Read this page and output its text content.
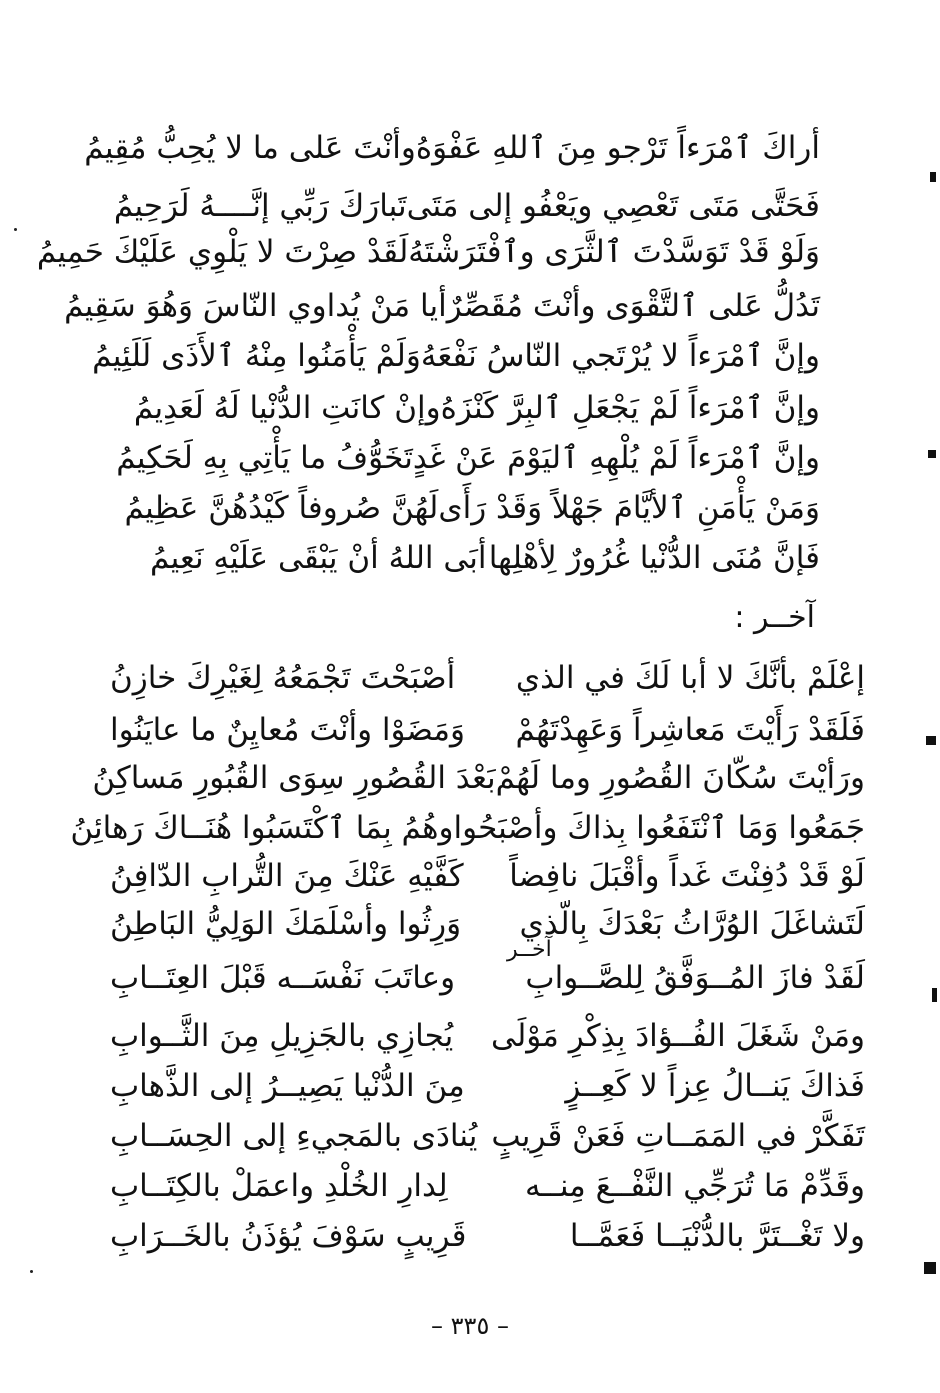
أراكَ ٱمْرَءاً تَرْجو مِنَ ٱللهِ عَفْوَهُ
وأنْتَ عَلى ما لا يُحِبُّ مُقِيمُ
فَحَتَّى مَتَى تَعْصِي ويَعْفُو إلى مَتَى
تَبارَكَ رَبِّي إنَّــــهُ لَرَحِيمُ
وَلَوْ قَدْ تَوَسَّدْتَ ٱلثَّرَى وٱفْتَرَشْتَهُ
لَقَدْ صِرْتَ لا يَلْوِي عَلَيْكَ حَمِيمُ
تَدُلُّ عَلى ٱلتَّقْوَى وأنْتَ مُقَصِّرٌ
أيا مَنْ يُداوي النّاسَ وَهُوَ سَقِيمُ
وإنَّ ٱمْرَءاً لا يُرْتَجي النّاسُ نَفْعَهُ
وَلَمْ يَأْمَنُوا مِنْهُ ٱلأَذَى لَلَئِيمُ
وإنَّ ٱمْرَءاً لَمْ يَجْعَلِ ٱلبِرَّ كَنْزَهُ
وإنْ كانَتِ الدُّنْيا لَهُ لَعَدِيمُ
وإنَّ ٱمْرَءاً لَمْ يُلْهِهِ ٱليَوْمَ عَنْ غَدٍ
تَخَوُّفُ ما يَأْتِي بِهِ لَحَكِيمُ
وَمَنْ يَأْمَنِ ٱلأيَّامَ جَهْلاً وَقَدْ رَأَى
لَهُنَّ صُروفاً كَيْدُهُنَّ عَظِيمُ
فَإنَّ مُنَى الدُّنْيا غُرُورٌ لِأهْلِها
أبَى اللهُ أنْ يَبْقَى عَلَيْهِ نَعِيمُ
آخــر :
إعْلَمْ بأنَّكَ لا أبا لَكَ في الذي
أصْبَحْتَ تَجْمَعُهُ لِغَيْرِكَ خازِنُ
فَلَقَدْ رَأَيْتَ مَعاشِراً وَعَهِدْتَهُمْ
وَمَضَوْا وأنْتَ مُعايِنٌ ما عايَنُوا
ورَأيْتَ سُكّانَ القُصُورِ وما لَهُمْ
بَعْدَ القُصُورِ سِوَى القُبُورِ مَساكِنُ
جَمَعُوا وَمَا ٱنْتَفَعُوا بِذاكَ وأصْبَحُوا
وهُمُ بِمَا ٱكْتَسَبُوا هُنَــاكَ رَهائِنُ
لَوْ قَدْ دُفِنْتَ غَداً وأقْبَلَ نافِضاً
كَفَّيْهِ عَنْكَ مِنَ التُّرابِ الدّافِنُ
لَتَشاغَلَ الوُرَّاثُ بَعْدَكَ بِالّذي
وَرِثُوا وأسْلَمَكَ الوَلِيُّ البَاطِنُ
آخــر
لَقَدْ فازَ المُــوَفَّقُ لِلصَّــوابِ
وعاتَبَ نَفْسَــه قَبْلَ العِتَــابِ
ومَنْ شَغَلَ الفُــؤادَ بِذِكْرِ مَوْلَى
يُجازِي بالجَزِيلِ مِنَ الثَّــوابِ
فَذاكَ يَنــالُ عِزاً لا كَعِــزٍ
مِنَ الدُّنْيا يَصِيــرُ إلى الذَّهابِ
تَفَكَّرْ في المَمَــاتِ فَعَنْ قَرِيبٍ
يُنادَى بالمَجيءِ إلى الحِسَــابِ
وقَدِّمْ مَا تُرَجِّي النَّفْــعَ مِنــه
لِدارِ الخُلْدِ واعمَلْ بالكِتَــابِ
ولا تَغْــتَرَّ بالدُّنْيَــا فَعَمَّــا
قَرِيبٍ سَوْفَ يُؤذَنُ بالخَــرَابِ
– ٣٣٥ –
